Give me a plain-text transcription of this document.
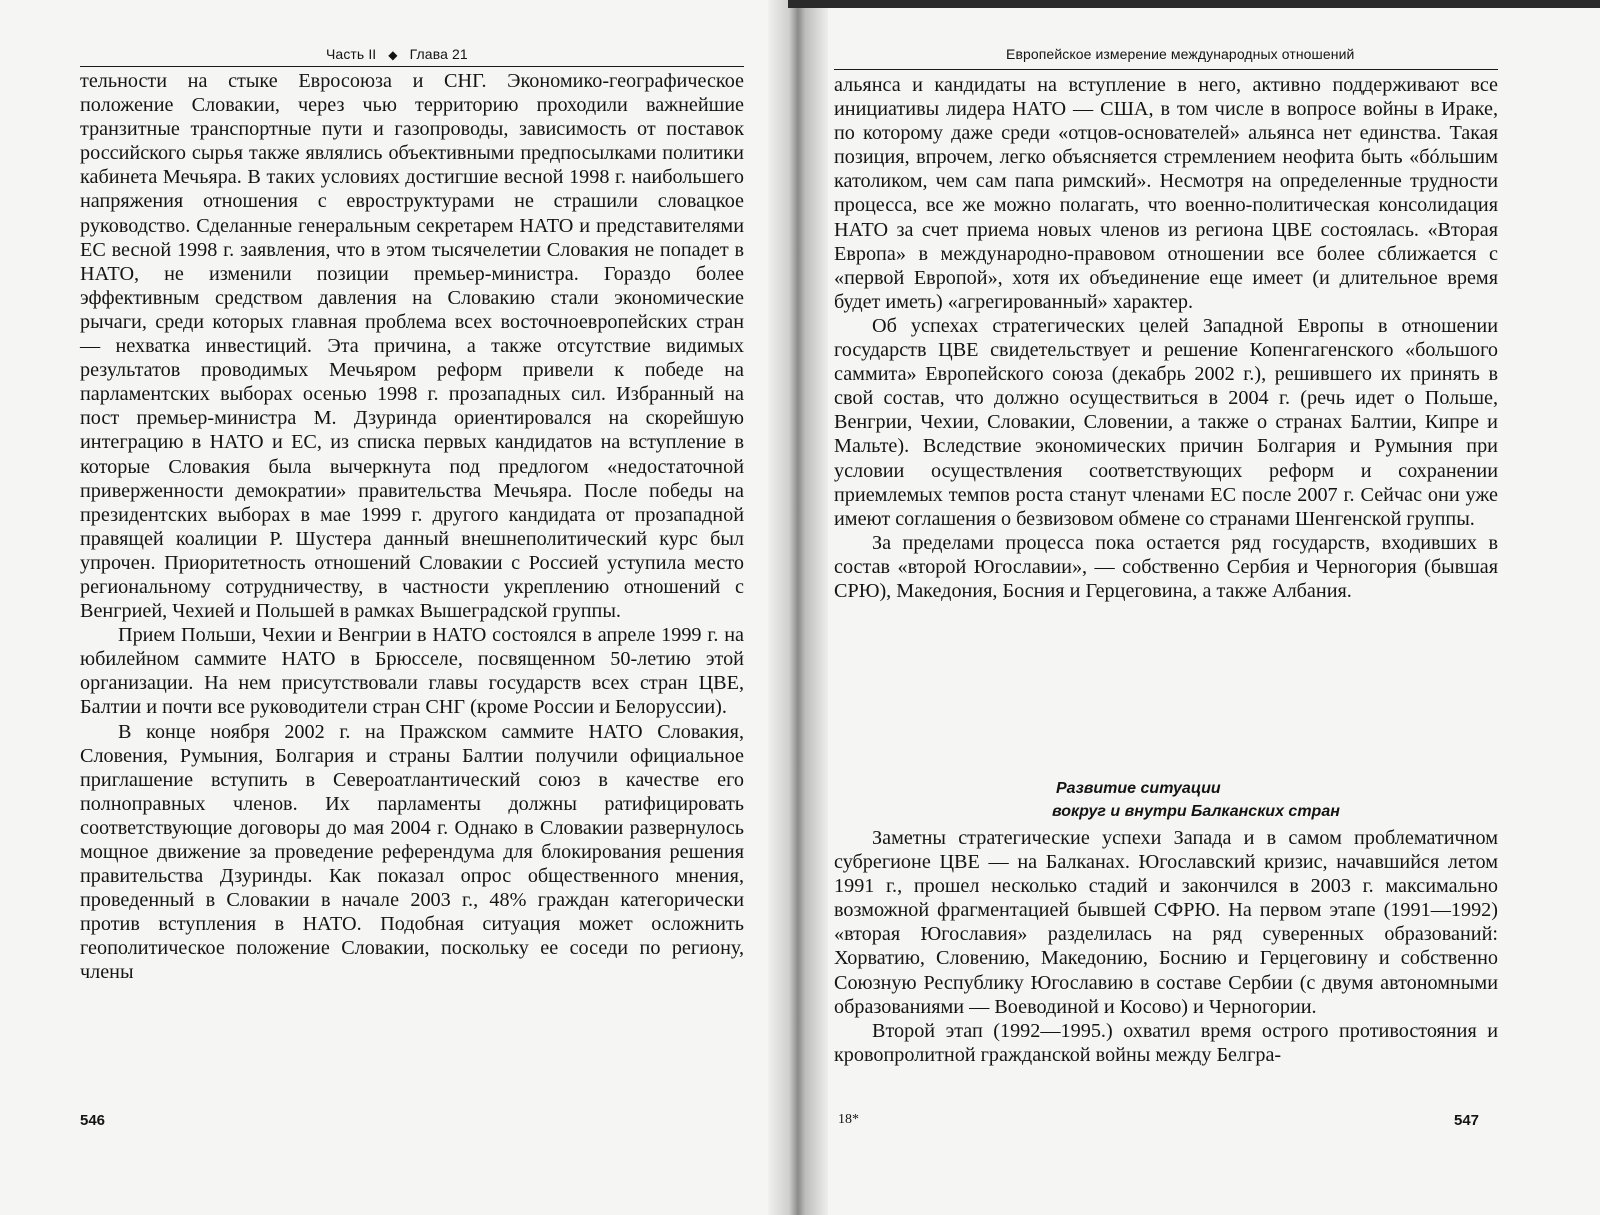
Часть II ◆ Глава 21

тельности на стыке Евросоюза и СНГ. Экономико-географическое положение Словакии, через чью территорию проходили важнейшие транзитные транспортные пути и газопроводы, зависимость от поставок российского сырья также являлись объективными предпосылками политики кабинета Мечьяра. В таких условиях достигшие весной 1998 г. наибольшего напряжения отношения с евроструктурами не страшили словацкое руководство. Сделанные генеральным секретарем НАТО и представителями ЕС весной 1998 г. заявления, что в этом тысячелетии Словакия не попадет в НАТО, не изменили позиции премьер-министра. Гораздо более эффективным средством давления на Словакию стали экономические рычаги, среди которых главная проблема всех восточноевропейских стран — нехватка инвестиций. Эта причина, а также отсутствие видимых результатов проводимых Мечьяром реформ привели к победе на парламентских выборах осенью 1998 г. прозападных сил. Избранный на пост премьер-министра М. Дзуринда ориентировался на скорейшую интеграцию в НАТО и ЕС, из списка первых кандидатов на вступление в которые Словакия была вычеркнута под предлогом «недостаточной приверженности демократии» правительства Мечьяра. После победы на президентских выборах в мае 1999 г. другого кандидата от прозападной правящей коалиции Р. Шустера данный внешнеполитический курс был упрочен. Приоритетность отношений Словакии с Россией уступила место региональному сотрудничеству, в частности укреплению отношений с Венгрией, Чехией и Польшей в рамках Вышеградской группы.

Прием Польши, Чехии и Венгрии в НАТО состоялся в апреле 1999 г. на юбилейном саммите НАТО в Брюсселе, посвященном 50-летию этой организации. На нем присутствовали главы государств всех стран ЦВЕ, Балтии и почти все руководители стран СНГ (кроме России и Белоруссии).

В конце ноября 2002 г. на Пражском саммите НАТО Словакия, Словения, Румыния, Болгария и страны Балтии получили официальное приглашение вступить в Североатлантический союз в качестве его полноправных членов. Их парламенты должны ратифицировать соответствующие договоры до мая 2004 г. Однако в Словакии развернулось мощное движение за проведение референдума для блокирования решения правительства Дзуринды. Как показал опрос общественного мнения, проведенный в Словакии в начале 2003 г., 48% граждан категорически против вступления в НАТО. Подобная ситуация может осложнить геополитическое положение Словакии, поскольку ее соседи по региону, члены

546
Европейское измерение международных отношений

альянса и кандидаты на вступление в него, активно поддерживают все инициативы лидера НАТО — США, в том числе в вопросе войны в Ираке, по которому даже среди «отцов-основателей» альянса нет единства. Такая позиция, впрочем, легко объясняется стремлением неофита быть «бóльшим католиком, чем сам папа римский». Несмотря на определенные трудности процесса, все же можно полагать, что военно-политическая консолидация НАТО за счет приема новых членов из региона ЦВЕ состоялась. «Вторая Европа» в международно-правовом отношении все более сближается с «первой Европой», хотя их объединение еще имеет (и длительное время будет иметь) «агрегированный» характер.

Об успехах стратегических целей Западной Европы в отношении государств ЦВЕ свидетельствует и решение Копенгагенского «большого саммита» Европейского союза (декабрь 2002 г.), решившего их принять в свой состав, что должно осуществиться в 2004 г. (речь идет о Польше, Венгрии, Чехии, Словакии, Словении, а также о странах Балтии, Кипре и Мальте). Вследствие экономических причин Болгария и Румыния при условии осуществления соответствующих реформ и сохранении приемлемых темпов роста станут членами ЕС после 2007 г. Сейчас они уже имеют соглашения о безвизовом обмене со странами Шенгенской группы.

За пределами процесса пока остается ряд государств, входивших в состав «второй Югославии», — собственно Сербия и Черногория (бывшая СРЮ), Македония, Босния и Герцеговина, а также Албания.

Развитие ситуации
вокруг и внутри Балканских стран

Заметны стратегические успехи Запада и в самом проблематичном субрегионе ЦВЕ — на Балканах. Югославский кризис, начавшийся летом 1991 г., прошел несколько стадий и закончился в 2003 г. максимально возможной фрагментацией бывшей СФРЮ. На первом этапе (1991—1992) «вторая Югославия» разделилась на ряд суверенных образований: Хорватию, Словению, Македонию, Боснию и Герцеговину и собственно Союзную Республику Югославию в составе Сербии (с двумя автономными образованиями — Воеводиной и Косово) и Черногории.

Второй этап (1992—1995.) охватил время острого противостояния и кровопролитной гражданской войны между Белгра-

18*	547
